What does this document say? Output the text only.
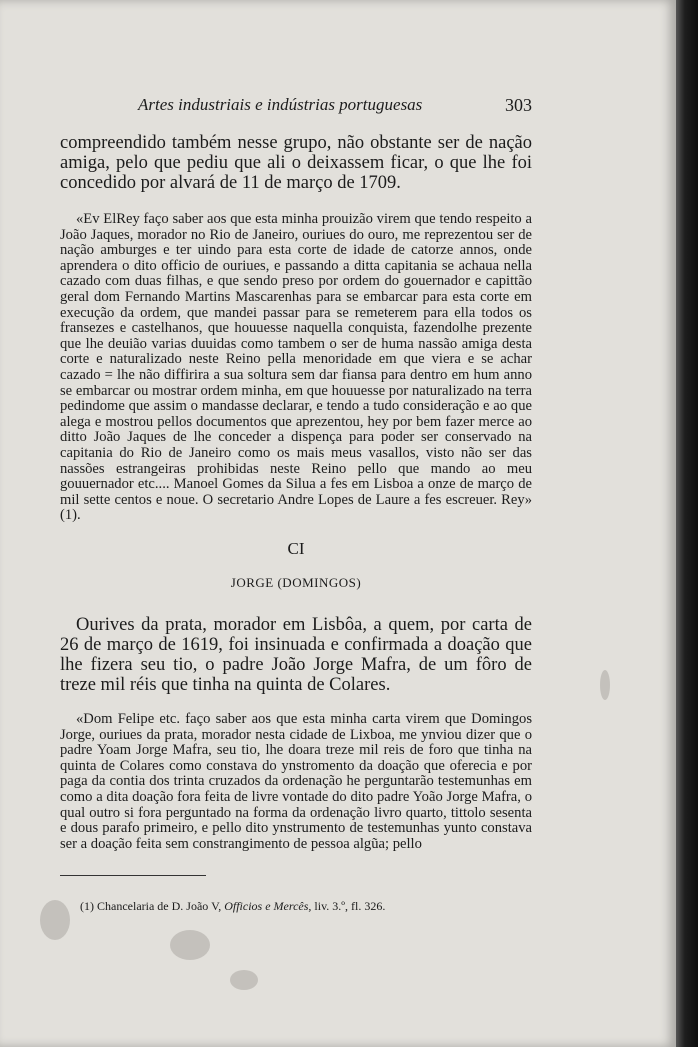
Artes industriais e indústrias portuguesas	303

compreendido também nesse grupo, não obstante ser de nação amiga, pelo que pediu que ali o deixassem ficar, o que lhe foi concedido por alvará de 11 de março de 1709.

«Ev ElRey faço saber aos que esta minha prouizão virem que tendo respeito a João Jaques, morador no Rio de Janeiro, ouriues do ouro, me reprezentou ser de nação amburges e ter uindo para esta corte de idade de catorze annos, onde aprendera o dito officio de ouriues, e passando a ditta capitania se achaua nella cazado com duas filhas, e que sendo preso por ordem do gouernador e capittão geral dom Fernando Martins Mascarenhas para se embarcar para esta corte em execução da ordem, que mandei passar para se remeterem para ella todos os fransezes e castelhanos, que houuesse naquella conquista, fazendolhe prezente que lhe deuião varias duuidas como tambem o ser de huma nassão amiga desta corte e naturalizado neste Reino pella menoridade em que viera e se achar cazado = lhe não diffirira a sua soltura sem dar fiansa para dentro em hum anno se embarcar ou mostrar ordem minha, em que houuesse por naturalizado na terra pedindome que assim o mandasse declarar, e tendo a tudo consideração e ao que alega e mostrou pellos documentos que aprezentou, hey por bem fazer merce ao ditto João Jaques de lhe conceder a dispença para poder ser conservado na capitania do Rio de Janeiro como os mais meus vasallos, visto não ser das nassões estrangeiras prohibidas neste Reino pello que mando ao meu gouuernador etc.... Manoel Gomes da Silua a fes em Lisboa a onze de março de mil sette centos e noue. O secretario Andre Lopes de Laure a fes escreuer. Rey» (1).

CI
JORGE (DOMINGOS)

Ourives da prata, morador em Lisbôa, a quem, por carta de 26 de março de 1619, foi insinuada e confirmada a doação que lhe fizera seu tio, o padre João Jorge Mafra, de um fôro de treze mil réis que tinha na quinta de Colares.

«Dom Felipe etc. faço saber aos que esta minha carta virem que Domingos Jorge, ouriues da prata, morador nesta cidade de Lixboa, me ynviou dizer que o padre Yoam Jorge Mafra, seu tio, lhe doara treze mil reis de foro que tinha na quinta de Colares como constava do ynstromento da doação que oferecia e por paga da contia dos trinta cruzados da ordenação he perguntarão testemunhas em como a dita doação fora feita de livre vontade do dito padre Yoão Jorge Mafra, o qual outro si fora perguntado na forma da ordenação livro quarto, tittolo sesenta e dous parafo primeiro, e pello dito ynstrumento de testemunhas yunto constava ser a doação feita sem constrangimento de pessoa algũa; pello

(1) Chancelaria de D. João V, Officios e Mercês, liv. 3.º, fl. 326.
